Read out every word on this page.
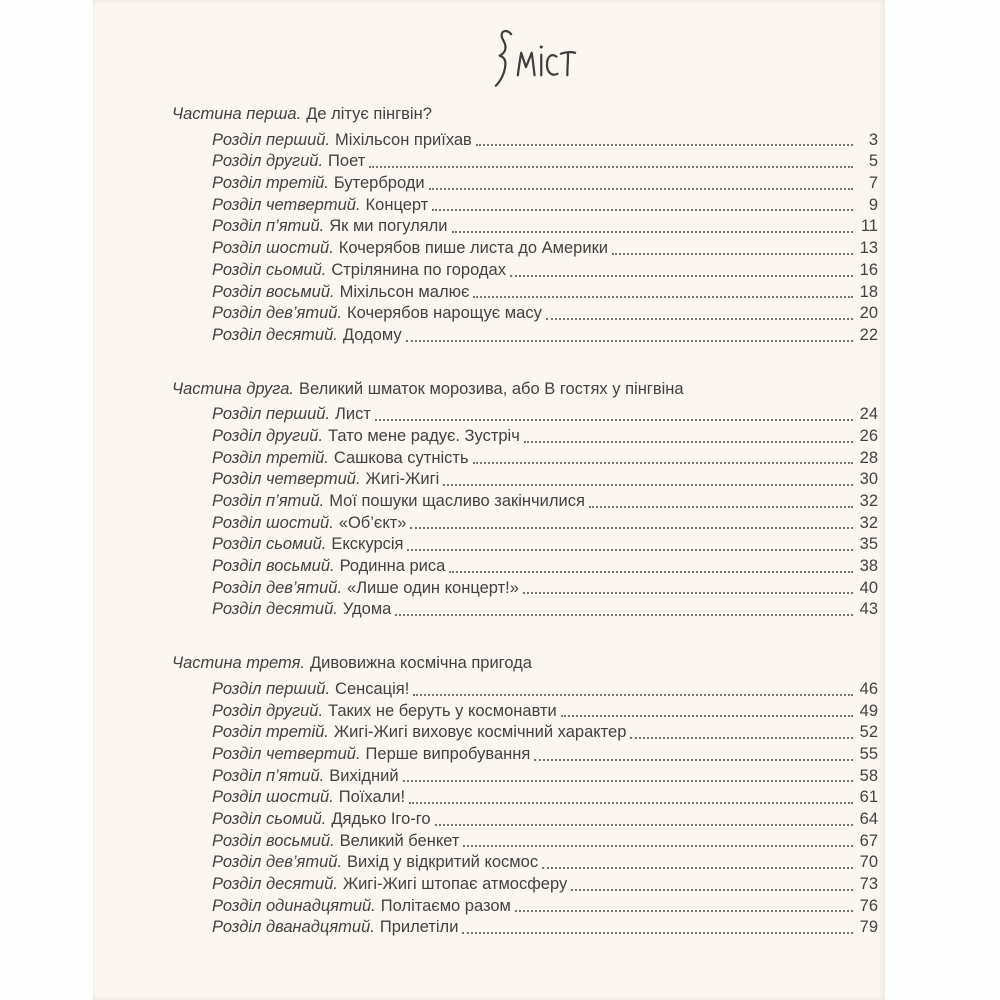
Частина перша. Де літує пінгвін?
Розділ перший. Міхільсон приїхав	3
Розділ другий. Поет	5
Розділ третій. Бутерброди	7
Розділ четвертий. Концерт	9
Розділ п’ятий. Як ми погуляли	11
Розділ шостий. Кочерябов пише листа до Америки	13
Розділ сьомий. Стрілянина по городах	16
Розділ восьмий. Міхільсон малює	18
Розділ дев’ятий. Кочерябов нарощує масу	20
Розділ десятий. Додому	22
Частина друга. Великий шматок морозива, або В гостях у пінгвіна
Розділ перший. Лист	24
Розділ другий. Тато мене радує. Зустріч	26
Розділ третій. Сашкова сутність	28
Розділ четвертий. Жигі-Жигі	30
Розділ п’ятий. Мої пошуки щасливо закінчилися	32
Розділ шостий. «Об’єкт»	32
Розділ сьомий. Екскурсія	35
Розділ восьмий. Родинна риса	38
Розділ дев’ятий. «Лише один концерт!»	40
Розділ десятий. Удома	43
Частина третя. Дивовижна космічна пригода
Розділ перший. Сенсація!	46
Розділ другий. Таких не беруть у космонавти	49
Розділ третій. Жигі-Жигі виховує космічний характер	52
Розділ четвертий. Перше випробування	55
Розділ п’ятий. Вихідний	58
Розділ шостий. Поїхали!	61
Розділ сьомий. Дядько Іго-го	64
Розділ восьмий. Великий бенкет	67
Розділ дев’ятий. Вихід у відкритий космос	70
Розділ десятий. Жигі-Жигі штопає атмосферу	73
Розділ одинадцятий. Політаємо разом	76
Розділ дванадцятий. Прилетіли	79
